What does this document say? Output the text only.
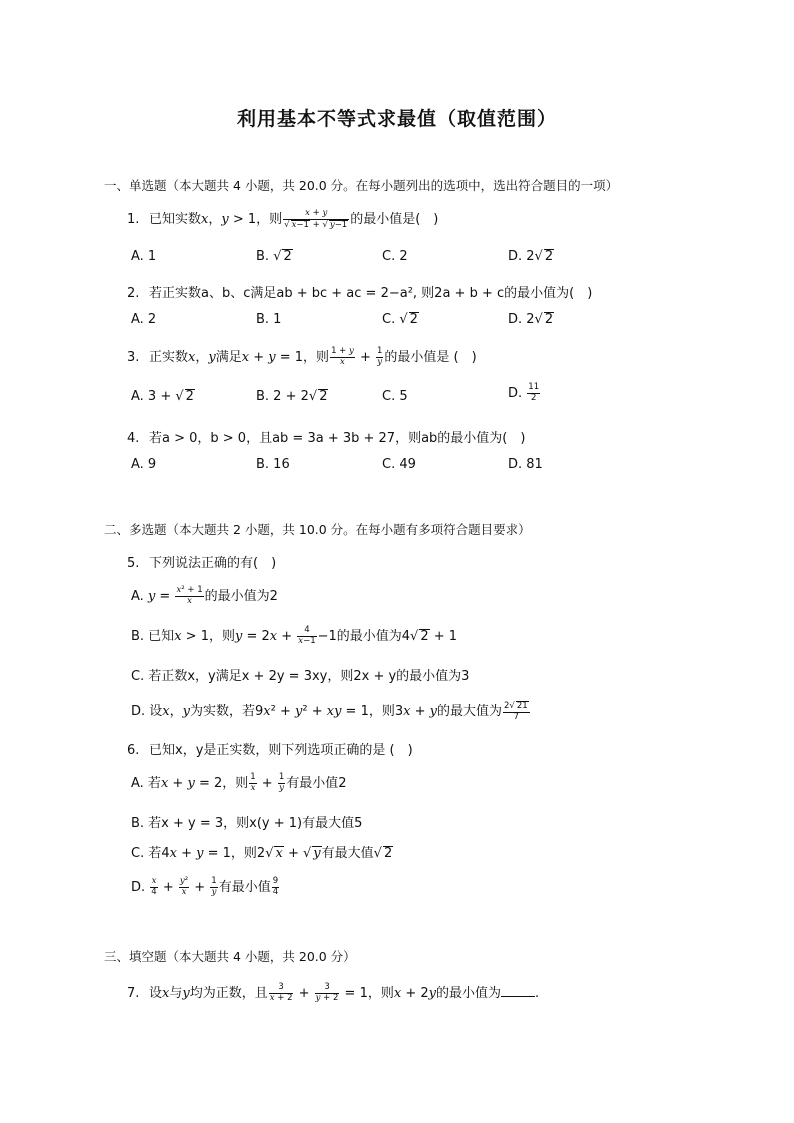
利用基本不等式求最值（取值范围）
一、单选题（本大题共 4 小题，共 20.0 分。在每小题列出的选项中，选出符合题目的一项）
1. 已知实数x，y > 1，则 $\frac{x + y}{√ x-1 + √ y-1}$ 的最小值是(　)
A. 1	B. √ 2	C. 2	D. 2√ 2
2. 若正实数a、b、c满足ab + bc + ac = 2−a², 则2a + b + c的最小值为(　)
A. 2	B. 1	C. √ 2	D. 2√ 2
3. 正实数x，y满足x + y = 1，则 $\frac{1 + y}{x} + \frac{1}{y}$ 的最小值是 (　)
A. 3 + √ 2	B. 2 + 2√ 2	C. 5	D. $\frac{11}{2}$
4. 若a > 0，b > 0，且ab = 3a + 3b + 27，则ab的最小值为(　)
A. 9	B. 16	C. 49	D. 81
二、多选题（本大题共 2 小题，共 10.0 分。在每小题有多项符合题目要求）
5. 下列说法正确的有(　)
A. $y = \frac{\text{x² + 1}}{x}$ 的最小值为2
B. 已知x > 1，则$y = 2x + \frac{4}{x-1} -1$的最小值为4√ 2 + 1
C. 若正数x，y满足x + 2y = 3xy，则2x + y的最小值为3
D. 设x，y为实数，若9x² + y² + xy = 1，则3x + y的最大值为 $\frac{2√ 21}{7}$
6. 已知x，y是正实数，则下列选项正确的是 (　)
A. 若x + y = 2，则 $\frac{1}{x} + \frac{1}{y}$ 有最小值2
B. 若x + y = 3，则x(y + 1)有最大值5
C. 若4x + y = 1，则2√ x + √ y有最大值√ 2
D. $\frac{x}{4} + \frac{\text{y²}}{x} + \frac{1}{y}$ 有最小值 $\frac{9}{4}$
三、填空题（本大题共 4 小题，共 20.0 分）
7. 设x与y均为正数，且 $\frac{3}{x + 2} + \frac{3}{y + 2} = 1$，则x + 2y的最小值为	.
